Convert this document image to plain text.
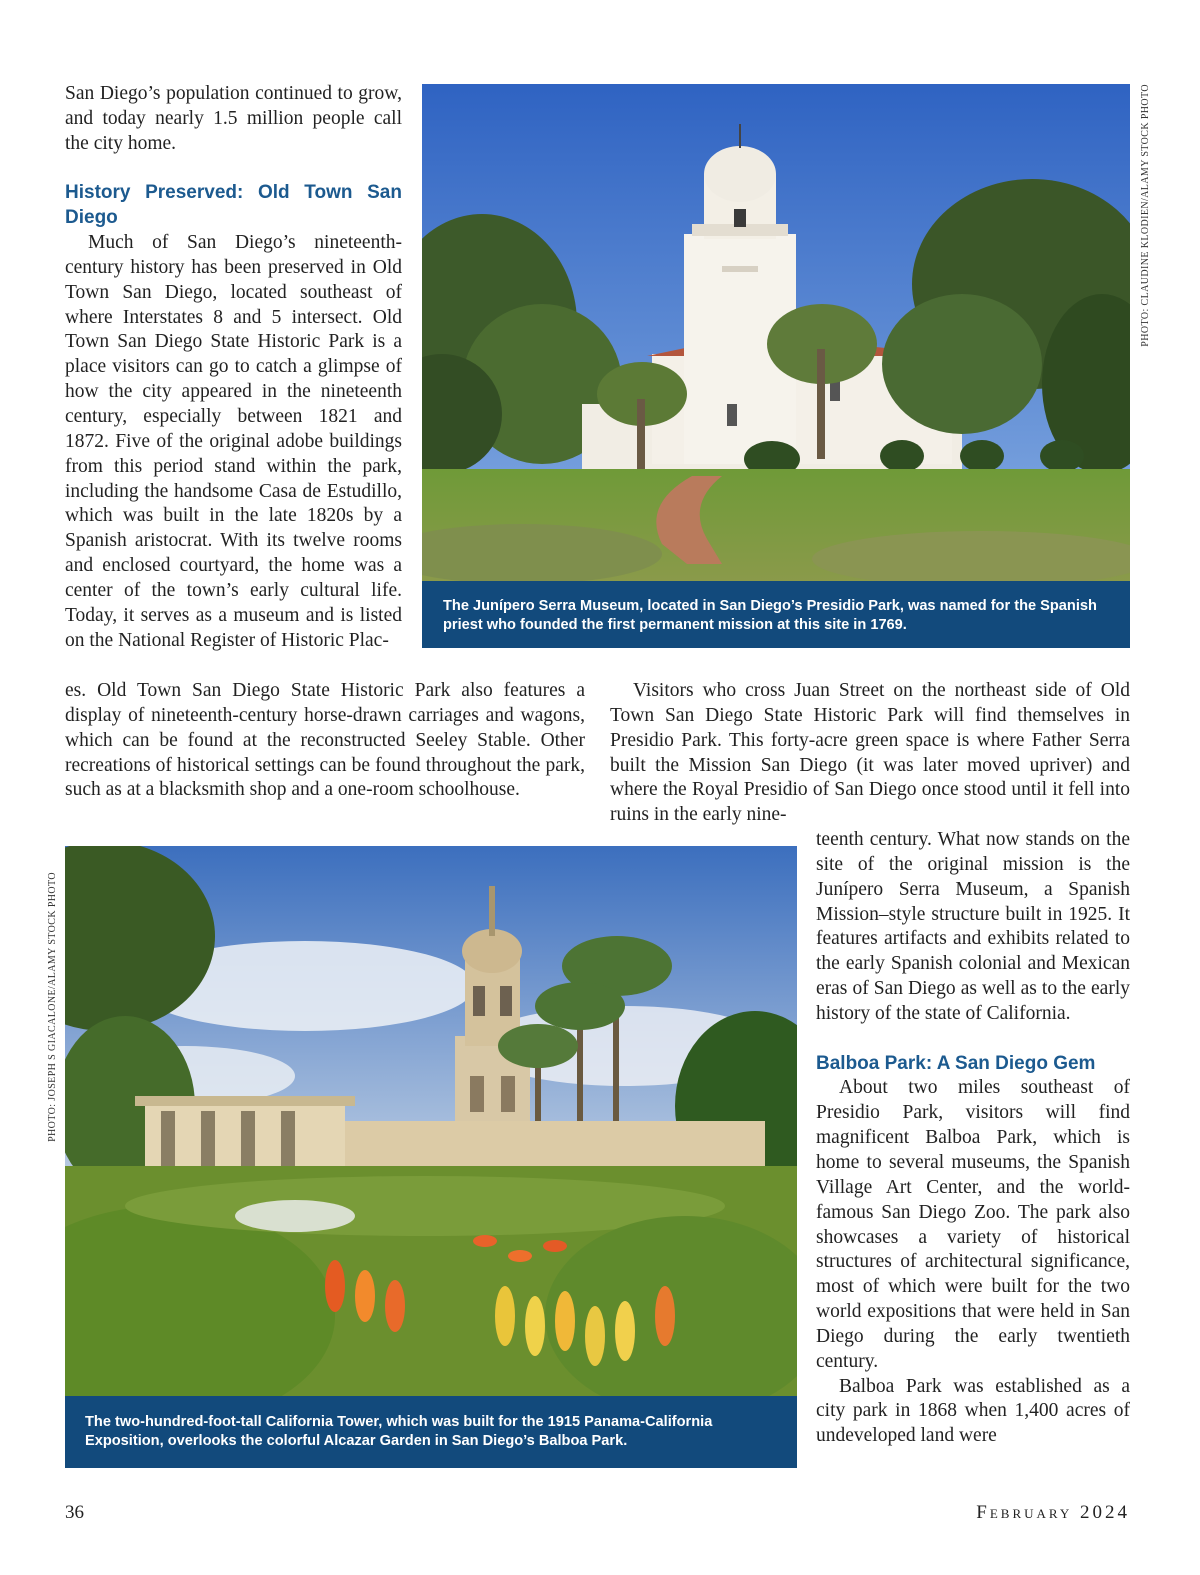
San Diego’s population continued to grow, and today nearly 1.5 million people call the city home.

History Preserved: Old Town San Diego

Much of San Diego’s nineteenth-century history has been preserved in Old Town San Diego, located southeast of where Interstates 8 and 5 intersect. Old Town San Diego State Historic Park is a place visitors can go to catch a glimpse of how the city appeared in the nineteenth century, especially between 1821 and 1872. Five of the original adobe buildings from this period stand within the park, including the handsome Casa de Estudillo, which was built in the late 1820s by a Spanish aristocrat. With its twelve rooms and enclosed courtyard, the home was a center of the town’s early cultural life. Today, it serves as a museum and is listed on the National Register of Historic Plac-

es. Old Town San Diego State Historic Park also features a display of nineteenth-century horse-drawn carriages and wagons, which can be found at the reconstructed Seeley Stable. Other recreations of historical settings can be found throughout the park, such as at a blacksmith shop and a one-room schoolhouse.

Visitors who cross Juan Street on the northeast side of Old Town San Diego State Historic Park will find themselves in Presidio Park. This forty-acre green space is where Father Serra built the Mission San Diego (it was later moved upriver) and where the Royal Presidio of San Diego once stood until it fell into ruins in the early nine-

teenth century. What now stands on the site of the original mission is the Junípero Serra Museum, a Spanish Mission–style structure built in 1925. It features artifacts and exhibits related to the early Spanish colonial and Mexican eras of San Diego as well as to the early history of the state of California.

Balboa Park: A San Diego Gem

About two miles southeast of Presidio Park, visitors will find magnificent Balboa Park, which is home to several museums, the Spanish Village Art Center, and the world-famous San Diego Zoo. The park also showcases a variety of historical structures of architectural significance, most of which were built for the two world expositions that were held in San Diego during the early twentieth century.

Balboa Park was established as a city park in 1868 when 1,400 acres of undeveloped land were

The Junípero Serra Museum, located in San Diego’s Presidio Park, was named for the Spanish priest who founded the first permanent mission at this site in 1769.
PHOTO: CLAUDINE KLODIEN/ALAMY STOCK PHOTO
The two-hundred-foot-tall California Tower, which was built for the 1915 Panama-California Exposition, overlooks the colorful Alcazar Garden in San Diego’s Balboa Park.
PHOTO: JOSEPH S GIACALONE/ALAMY STOCK PHOTO
36	February 2024
